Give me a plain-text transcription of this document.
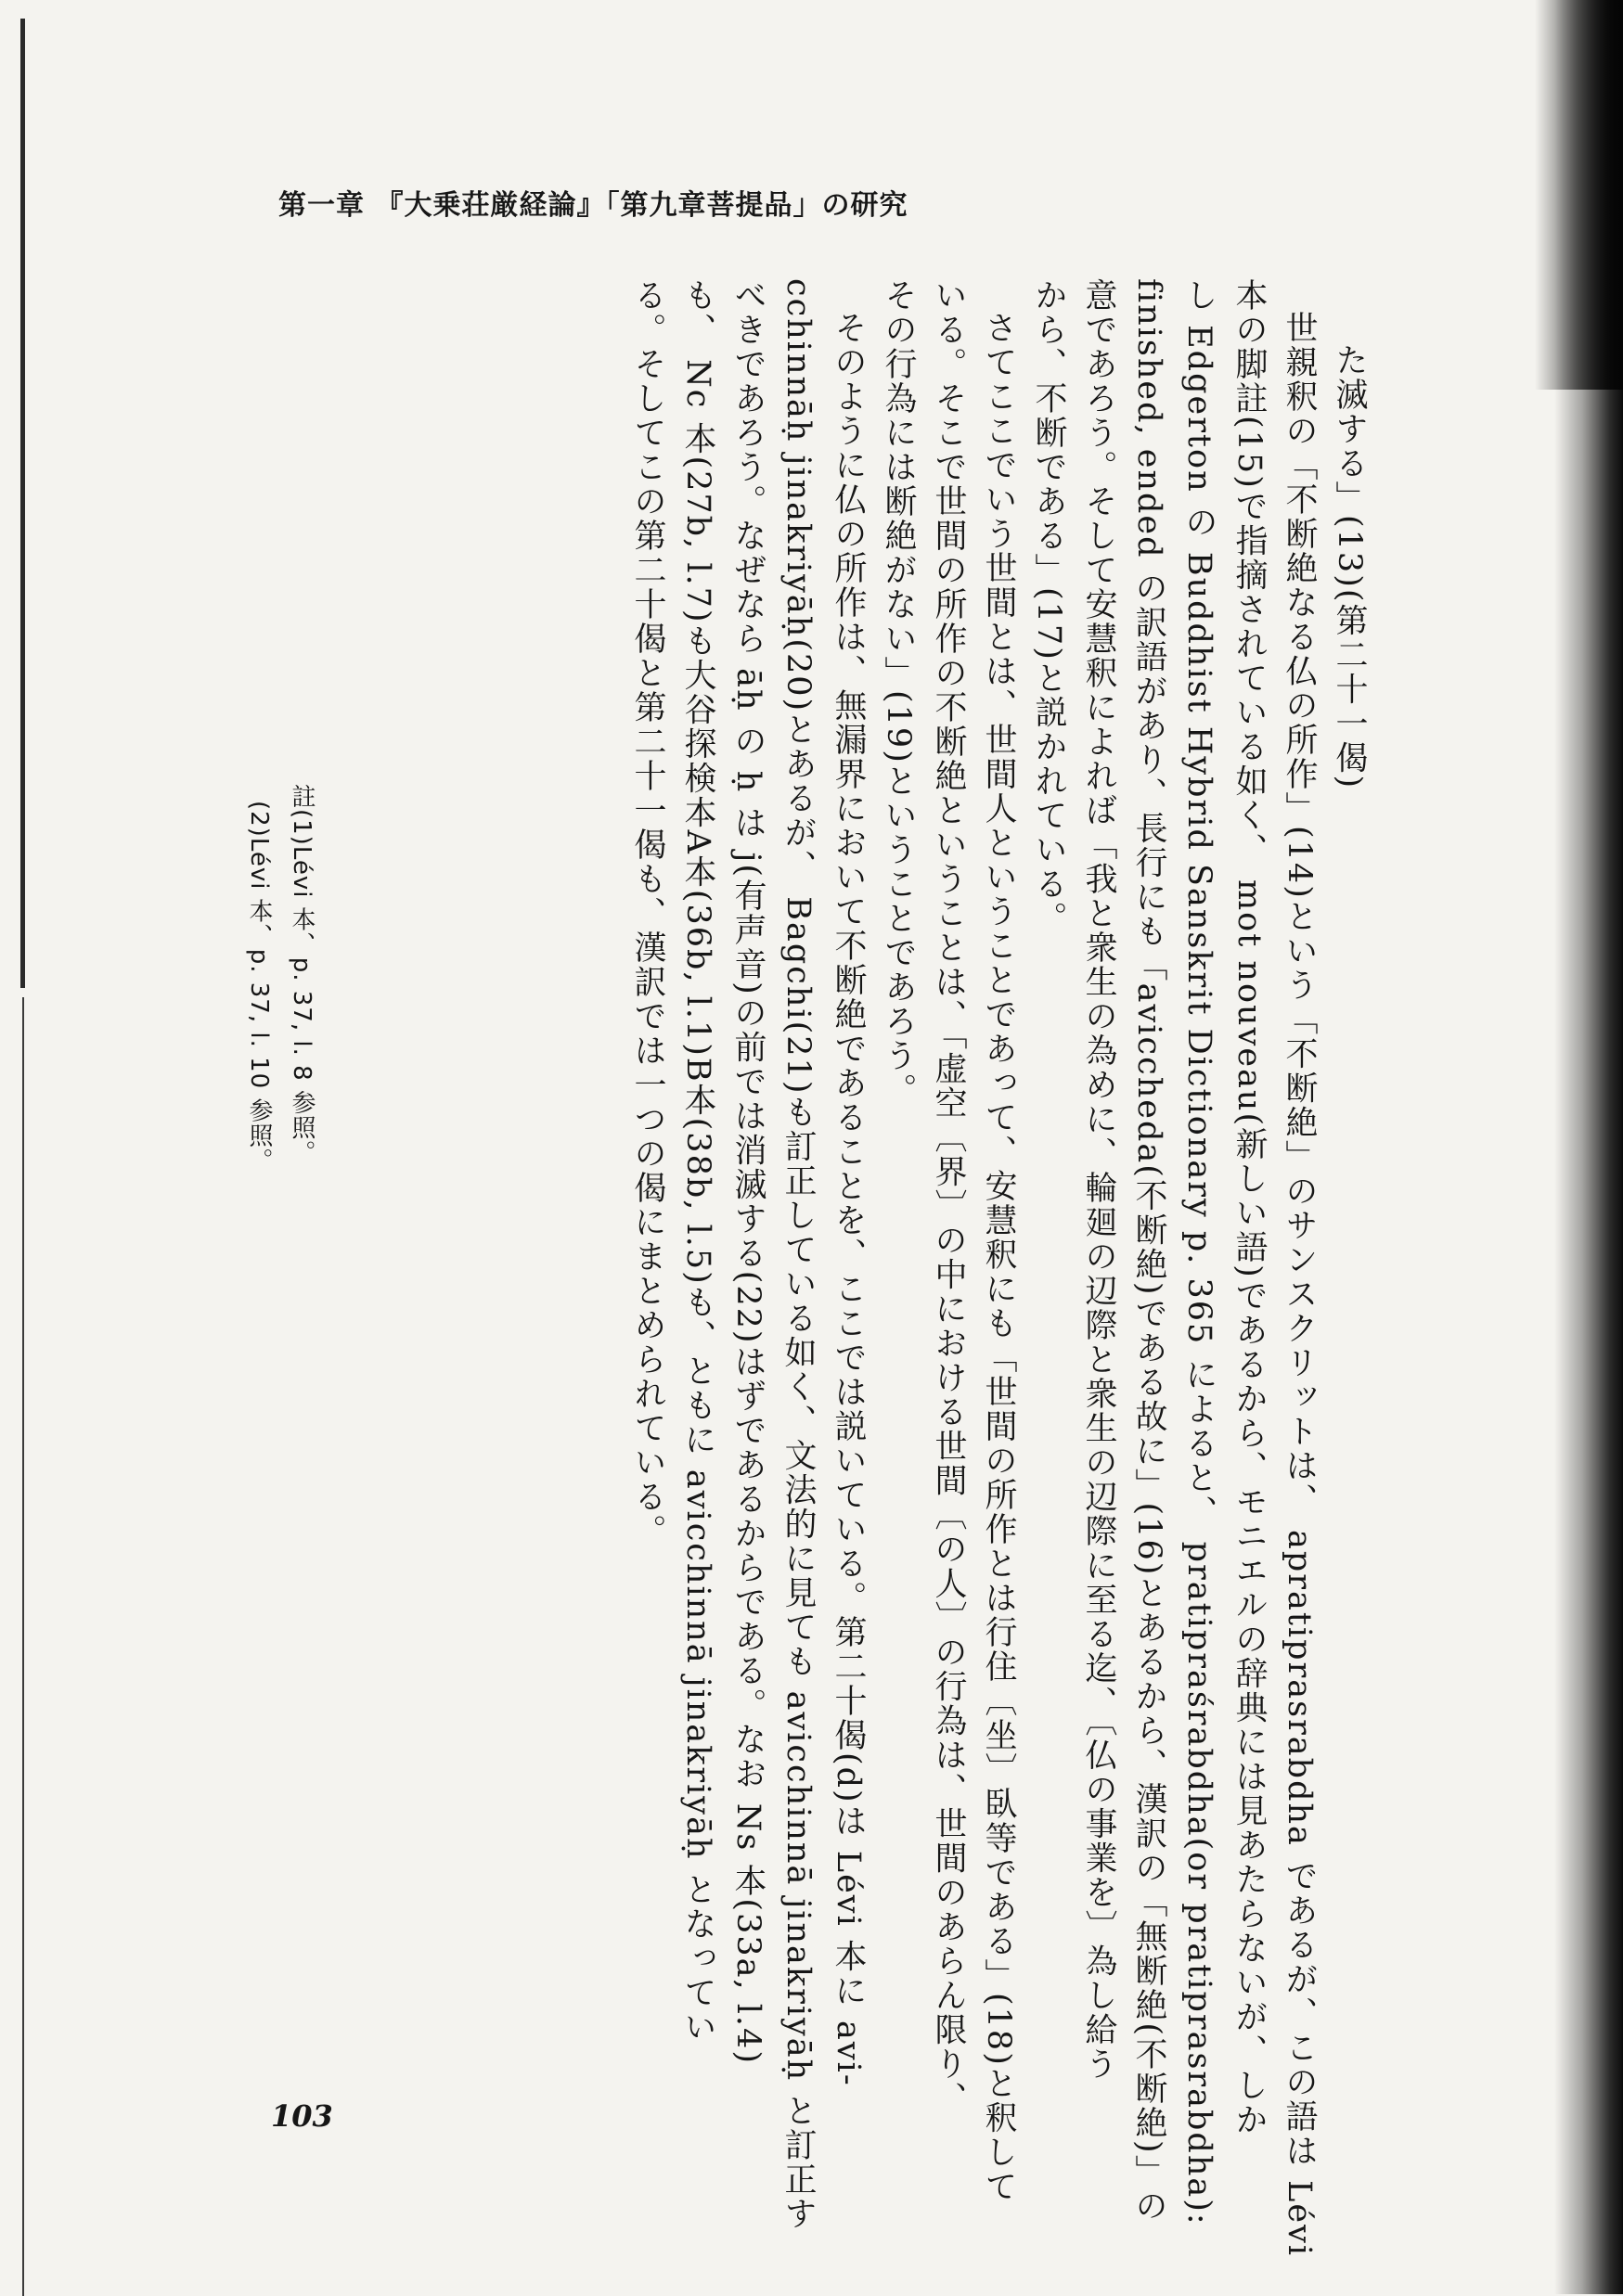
第一章 『大乗荘厳経論』「第九章菩提品」の研究

た滅する」(13)(第二十一偈)

世親釈の「不断絶なる仏の所作」(14)という「不断絶」のサンスクリットは、 apratiprasrabdha であるが、この語は Lévi

本の脚註(15)で指摘されている如く、 mot nouveau(新しい語)であるから、モニエルの辞典には見あたらないが、しか

し Edgerton の Buddhist Hybrid Sanskrit Dictionary p. 365 によると、 pratipraśrabdha(or pratiprasrabdha):

finished, ended の訳語があり、長行にも「aviccheda(不断絶)である故に」(16)とあるから、漢訳の「無断絶(不断絶)」の

意であろう。そして安慧釈によれば「我と衆生の為めに、輪廻の辺際と衆生の辺際に至る迄、〔仏の事業を〕為し給う

から、不断である」(17)と説かれている。

さてここでいう世間とは、世間人ということであって、安慧釈にも「世間の所作とは行住〔坐〕臥等である」(18)と釈して

いる。そこで世間の所作の不断絶ということは、「虚空〔界〕の中における世間〔の人〕の行為は、世間のあらん限り、

その行為には断絶がない」(19)ということであろう。

そのように仏の所作は、無漏界において不断絶であることを、ここでは説いている。第二十偈(d)は Lévi 本に avi-

cchinnāḥ jinakriyāḥ(20)とあるが、 Bagchi(21)も訂正している如く、文法的に見ても avicchinnā jinakriyāḥ と訂正す

べきであろう。なぜなら āḥ の ḥ は j(有声音)の前では消滅する(22)はずであるからである。なお Ns 本(33a, l.4)

も、 Nc 本(27b, l.7)も大谷探検本A本(36b, l.1)B本(38b, l.5)も、ともに avicchinnā jinakriyāḥ となってい

る。そしてこの第二十偈と第二十一偈も、漢訳では一つの偈にまとめられている。

註(1)Lévi 本、p. 37, l. 8 参照。

(2)Lévi 本、p. 37, l. 10 参照。

103
